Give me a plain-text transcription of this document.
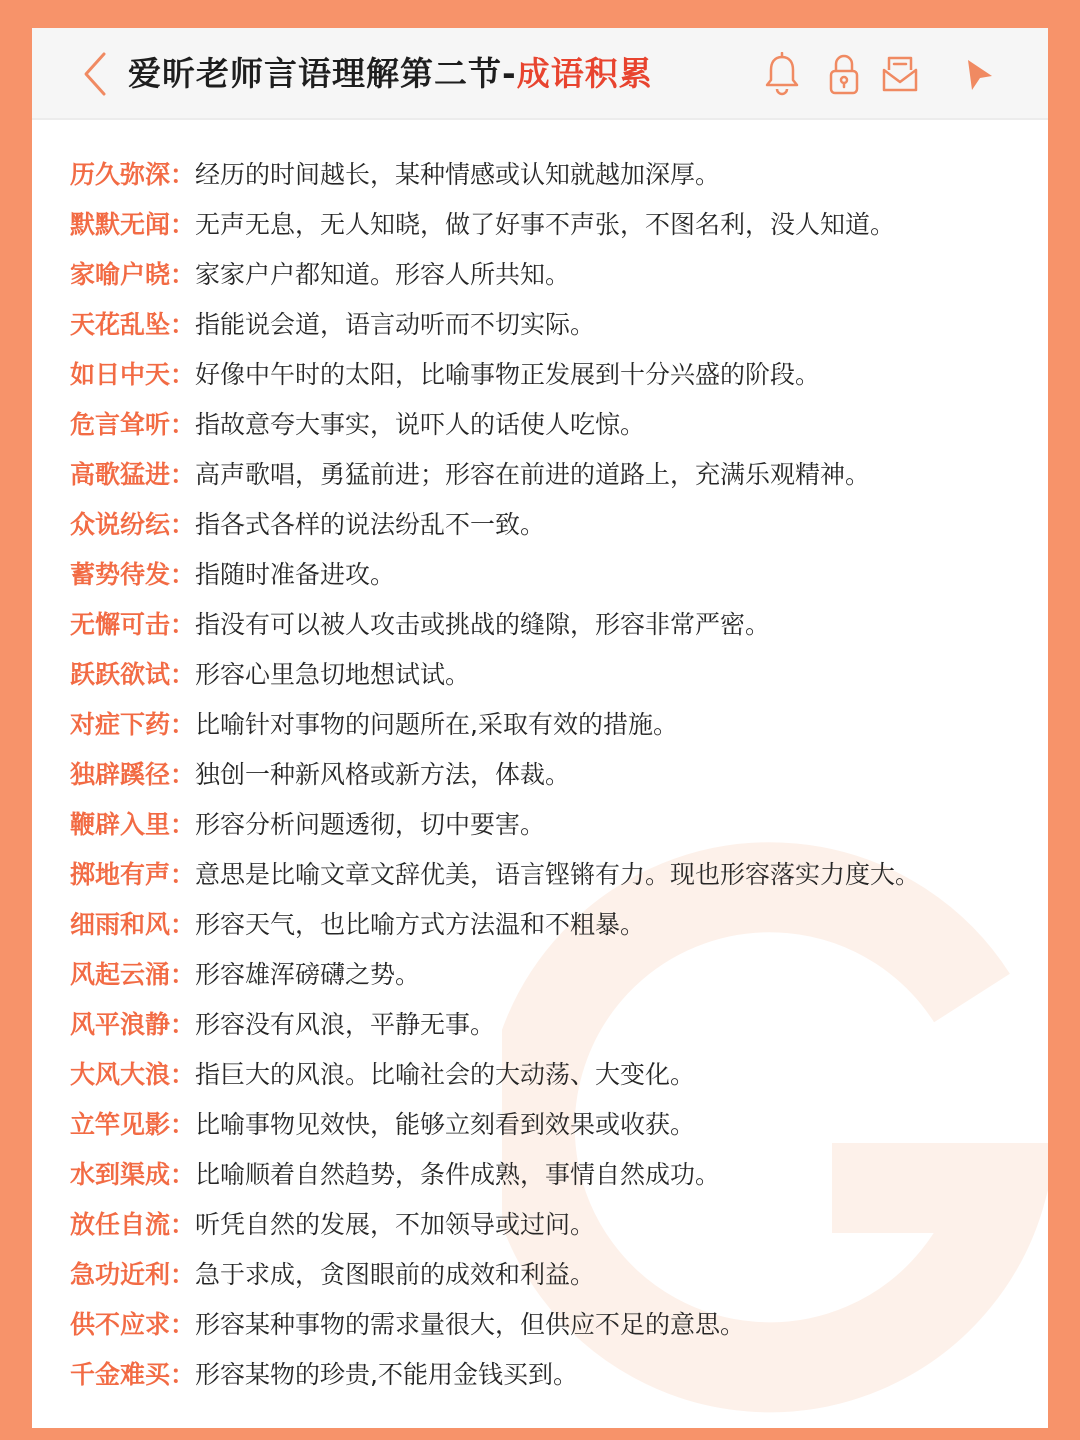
爱昕老师言语理解第二节-成语积累
历久弥深：经历的时间越长，某种情感或认知就越加深厚。
默默无闻：无声无息，无人知晓，做了好事不声张，不图名利，没人知道。
家喻户晓：家家户户都知道。形容人所共知。
天花乱坠：指能说会道，语言动听而不切实际。
如日中天：好像中午时的太阳，比喻事物正发展到十分兴盛的阶段。
危言耸听：指故意夸大事实，说吓人的话使人吃惊。
高歌猛进：高声歌唱，勇猛前进；形容在前进的道路上，充满乐观精神。
众说纷纭：指各式各样的说法纷乱不一致。
蓄势待发：指随时准备进攻。
无懈可击：指没有可以被人攻击或挑战的缝隙，形容非常严密。
跃跃欲试：形容心里急切地想试试。
对症下药：比喻针对事物的问题所在,采取有效的措施。
独辟蹊径：独创一种新风格或新方法，体裁。
鞭辟入里：形容分析问题透彻，切中要害。
掷地有声：意思是比喻文章文辞优美，语言铿锵有力。现也形容落实力度大。
细雨和风：形容天气，也比喻方式方法温和不粗暴。
风起云涌：形容雄浑磅礴之势。
风平浪静：形容没有风浪，平静无事。
大风大浪：指巨大的风浪。比喻社会的大动荡、大变化。
立竿见影：比喻事物见效快，能够立刻看到效果或收获。
水到渠成：比喻顺着自然趋势，条件成熟，事情自然成功。
放任自流：听凭自然的发展，不加领导或过问。
急功近利：急于求成，贪图眼前的成效和利益。
供不应求：形容某种事物的需求量很大，但供应不足的意思。
千金难买：形容某物的珍贵,不能用金钱买到。
